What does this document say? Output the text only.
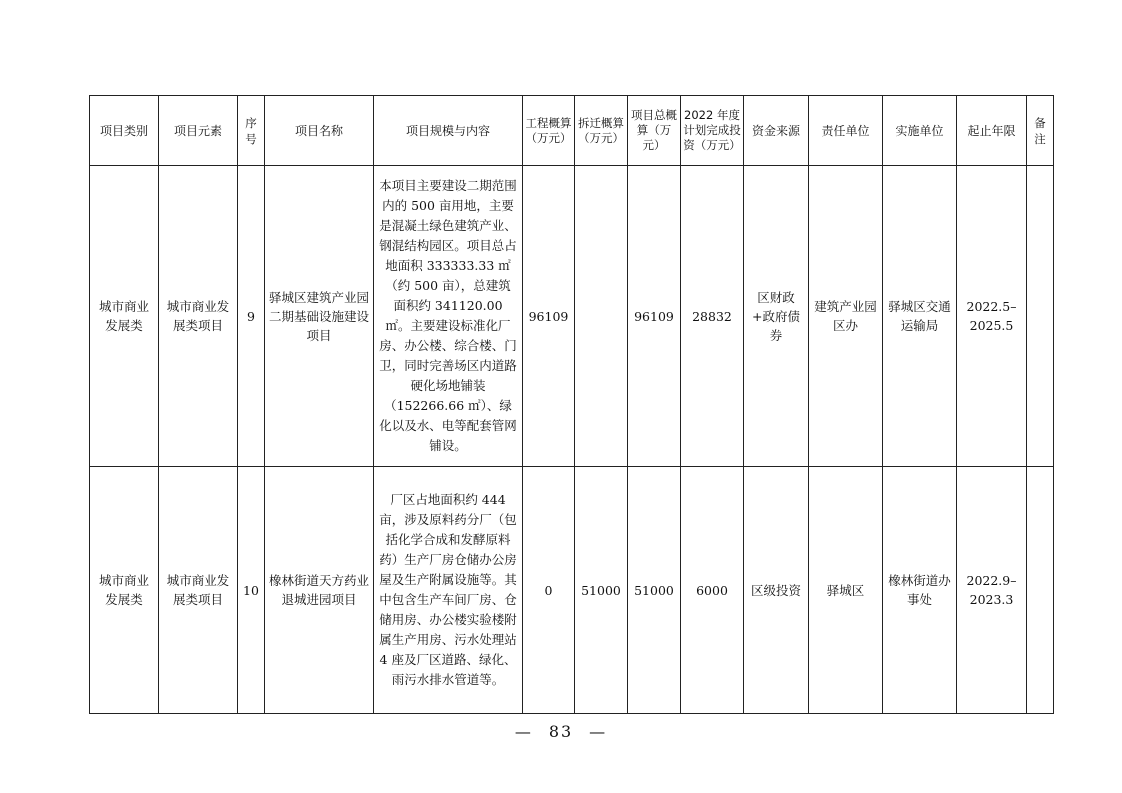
项目类别	项目元素	序号	项目名称	项目规模与内容	工程概算（万元）	拆迁概算（万元）	项目总概算（万元）	2022 年度计划完成投资（万元）	资金来源	责任单位	实施单位	起止年限	备注

城市商业发展类	城市商业发展类项目	9	驿城区建筑产业园二期基础设施建设项目	本项目主要建设二期范围内的 500 亩用地，主要是混凝土绿色建筑产业、钢混结构园区。项目总占地面积 333333.33 ㎡（约 500 亩），总建筑面积约 341120.00 ㎡。主要建设标准化厂房、办公楼、综合楼、门卫，同时完善场区内道路硬化场地铺装（152266.66 ㎡）、绿化以及水、电等配套管网铺设。	96109		96109	28832	区财政+政府债券	建筑产业园区办	驿城区交通运输局	2022.5–2025.5	
城市商业发展类	城市商业发展类项目	10	橡林街道天方药业退城进园项目	厂区占地面积约 444 亩，涉及原料药分厂（包括化学合成和发酵原料药）生产厂房仓储办公房屋及生产附属设施等。其中包含生产车间厂房、仓储用房、办公楼实验楼附属生产用房、污水处理站 4 座及厂区道路、绿化、雨污水排水管道等。	0	51000	51000	6000	区级投资	驿城区	橡林街道办事处	2022.9–2023.3	
— 83 —
